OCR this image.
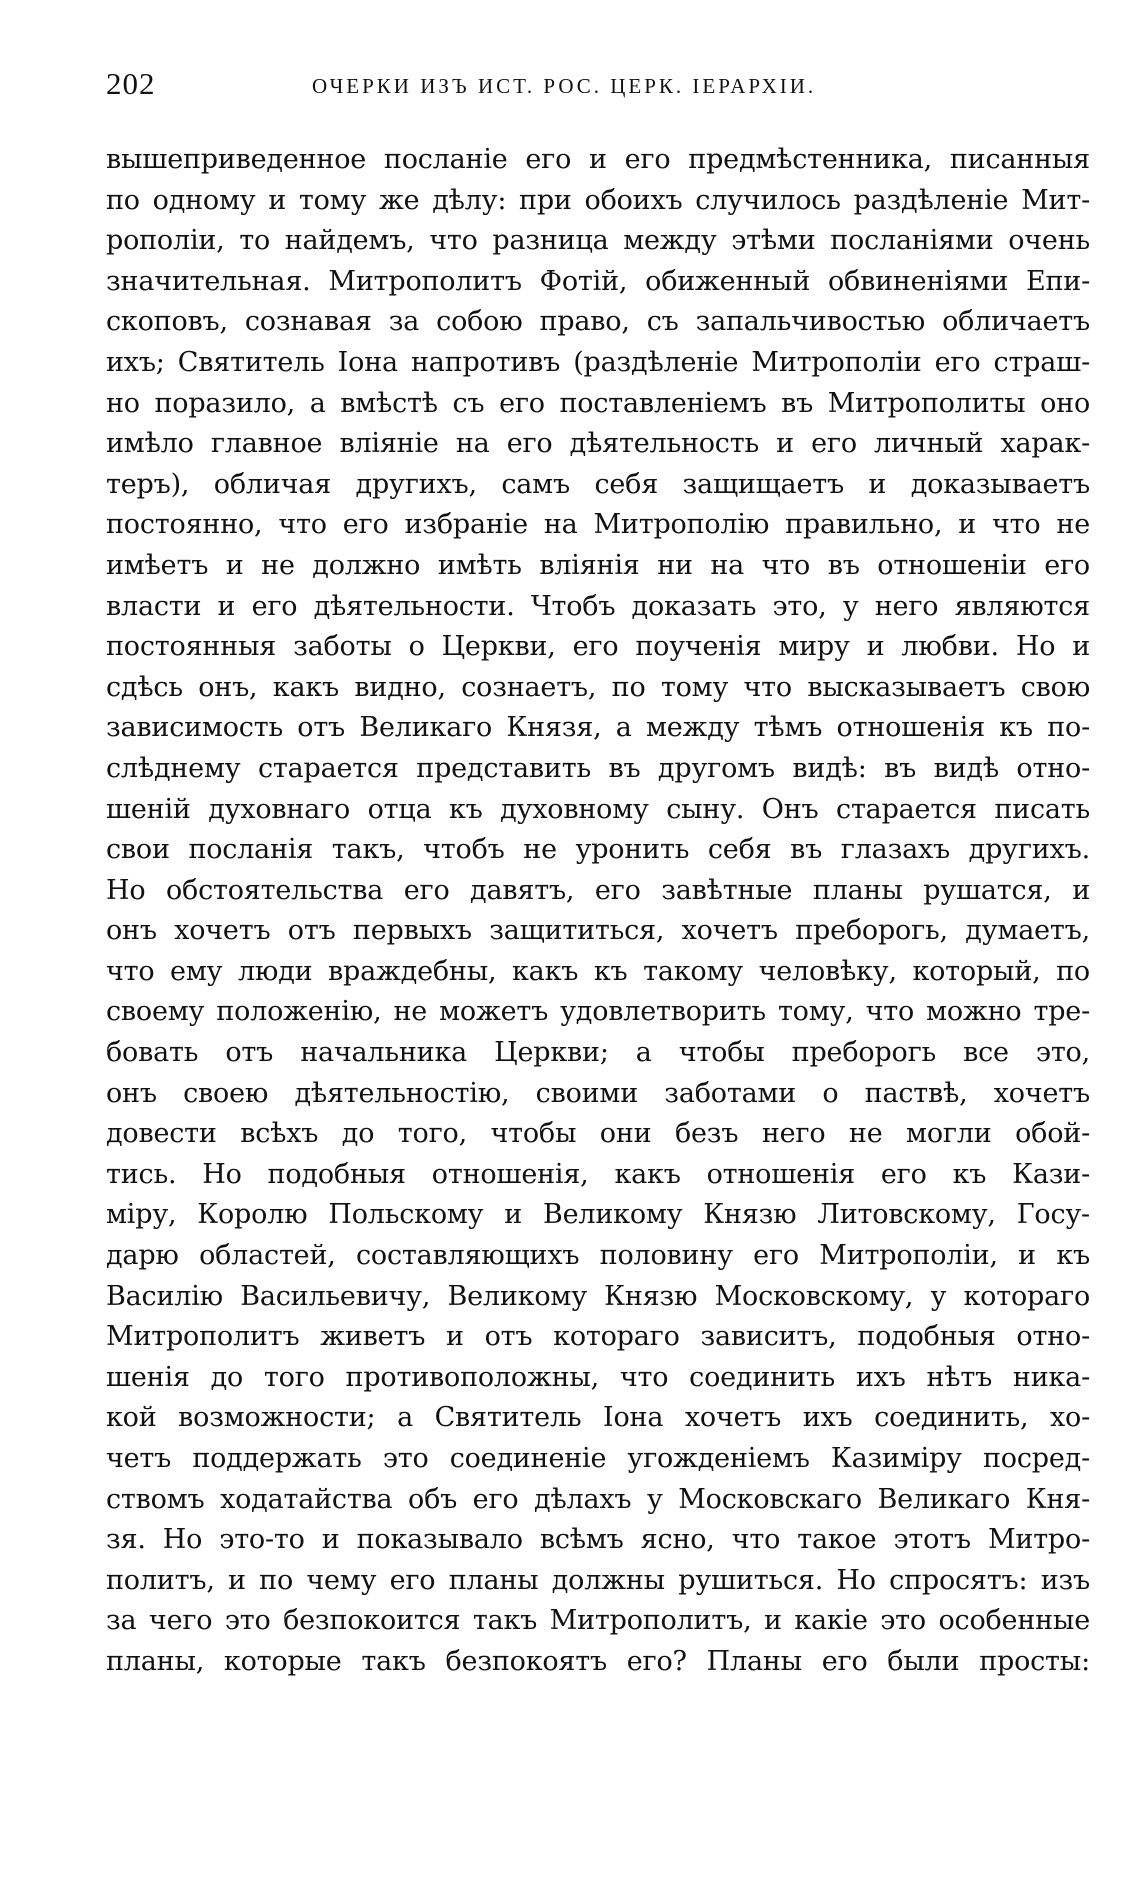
202	ОЧЕРКИ ИЗЪ ИСТ. РОС. ЦЕРК. ІЕРАРХІИ.
вышеприведенное посланіе его и его предмѣстенника, писанныя
по одному и тому же дѣлу: при обоихъ случилось раздѣленіе Мит-
рополіи, то найдемъ, что разница между этѣми посланіями очень
значительная. Митрополитъ Фотій, обиженный обвиненіями Епи-
скоповъ, сознавая за собою право, съ запальчивостью обличаетъ
ихъ; Святитель Іона напротивъ (раздѣленіе Митрополіи его страш-
но поразило, а вмѣстѣ съ его поставленіемъ въ Митрополиты оно
имѣло главное вліяніе на его дѣятельность и его личный харак-
теръ), обличая другихъ, самъ себя защищаетъ и доказываетъ
постоянно, что его избраніе на Митрополію правильно, и что не
имѣетъ и не должно имѣть вліянія ни на что въ отношеніи его
власти и его дѣятельности. Чтобъ доказать это, у него являются
постоянныя заботы о Церкви, его поученія миру и любви. Но и
сдѣсь онъ, какъ видно, сознаетъ, по тому что высказываетъ свою
зависимость отъ Великаго Князя, а между тѣмъ отношенія къ по-
слѣднему старается представить въ другомъ видѣ: въ видѣ отно-
шеній духовнаго отца къ духовному сыну. Онъ старается писать
свои посланія такъ, чтобъ не уронить себя въ глазахъ другихъ.
Но обстоятельства его давятъ, его завѣтные планы рушатся, и
онъ хочетъ отъ первыхъ защититься, хочетъ преборогь, думаетъ,
что ему люди враждебны, какъ къ такому человѣку, который, по
своему положенію, не можетъ удовлетворить тому, что можно тре-
бовать отъ начальника Церкви; а чтобы преборогь все это,
онъ своею дѣятельностію, своими заботами о паствѣ, хочетъ
довести всѣхъ до того, чтобы они безъ него не могли обой-
тись. Но подобныя отношенія, какъ отношенія его къ Кази-
міру, Королю Польскому и Великому Князю Литовскому, Госу-
дарю областей, составляющихъ половину его Митрополіи, и къ
Василію Васильевичу, Великому Князю Московскому, у котораго
Митрополитъ живетъ и отъ котораго зависитъ, подобныя отно-
шенія до того противоположны, что соединить ихъ нѣтъ ника-
кой возможности; а Святитель Іона хочетъ ихъ соединить, хо-
четъ поддержать это соединеніе угожденіемъ Казиміру посред-
ствомъ ходатайства объ его дѣлахъ у Московскаго Великаго Кня-
зя. Но это-то и показывало всѣмъ ясно, что такое этотъ Митро-
политъ, и по чему его планы должны рушиться. Но спросятъ: изъ
за чего это безпокоится такъ Митрополитъ, и какіе это особенные
планы, которые такъ безпокоятъ его? Планы его были просты:
